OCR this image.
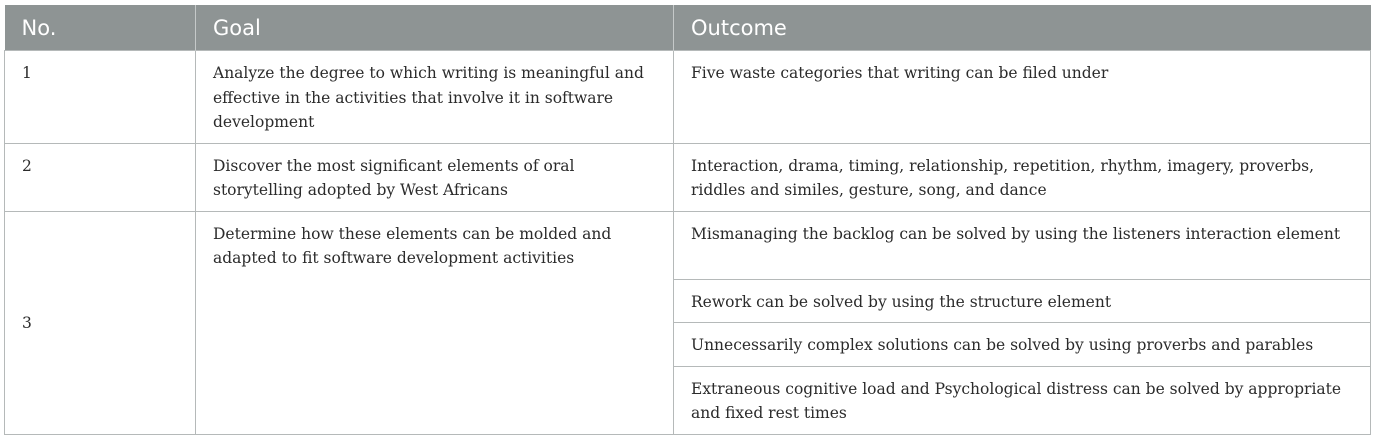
No.	Goal	Outcome
1	Analyze the degree to which writing is meaningful and effective in the activities that involve it in software development	Five waste categories that writing can be filed under
2	Discover the most significant elements of oral storytelling adopted by West Africans	Interaction, drama, timing, relationship, repetition, rhythm, imagery, proverbs, riddles and similes, gesture, song, and dance
3	Determine how these elements can be molded and adapted to fit software development activities	Mismanaging the backlog can be solved by using the listeners interaction element
		Rework can be solved by using the structure element
		Unnecessarily complex solutions can be solved by using proverbs and parables
		Extraneous cognitive load and Psychological distress can be solved by appropriate and fixed rest times
